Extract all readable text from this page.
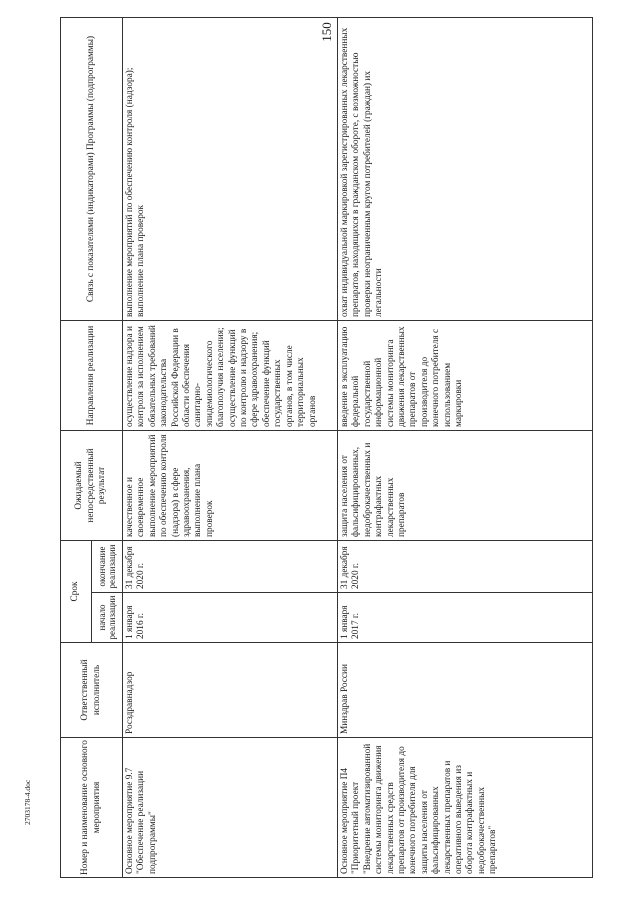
150
2703178-4.doc	Номер и наименование основного мероприятия	Ответственный исполнитель	Срок		Ожидаемый непосредственный результат	Направления реализации	Связь с показателями (индикаторами) Программы (подпрограммы)
		начало реализации	окончание реализации			
Основное мероприятие 9.7 "Обеспечение реализации подпрограммы"	Росздравнадзор	1 января 2016 г.	31 декабря 2020 г.	качественное и своевременное выполнение мероприятий по обеспечению контроля (надзора) в сфере здравоохранения, выполнение плана проверок	осуществление надзора и контроля за исполнением обязательных требований законодательства Российской Федерации в области обеспечения санитарно-эпидемиологического благополучия населения; осуществление функций по контролю и надзору в сфере здравоохранения; обеспечение функций государственных органов, в том числе территориальных органов	выполнение мероприятий по обеспечению контроля (надзора); выполнение плана проверок
Основное мероприятие П4 "Приоритетный проект "Внедрение автоматизированной системы мониторинга движения лекарственных средств препаратов от производителя до конечного потребителя для защиты населения от фальсифицированных лекарственных препаратов и оперативного выведения из оборота контрафактных и недоброкачественных препаратов"	Минздрав России	1 января 2017 г.	31 декабря 2020 г.	защита населения от фальсифицированных, недоброкачественных и контрафактных лекарственных препаратов	введение в эксплуатацию федеральной государственной информационной системы мониторинга движения лекарственных препаратов от производителя до конечного потребителя с использованием маркировки	охват индивидуальной маркировкой зарегистрированных лекарственных препаратов, находящихся в гражданском обороте, с возможностью проверки неограниченным кругом потребителей (граждан) их легальности
